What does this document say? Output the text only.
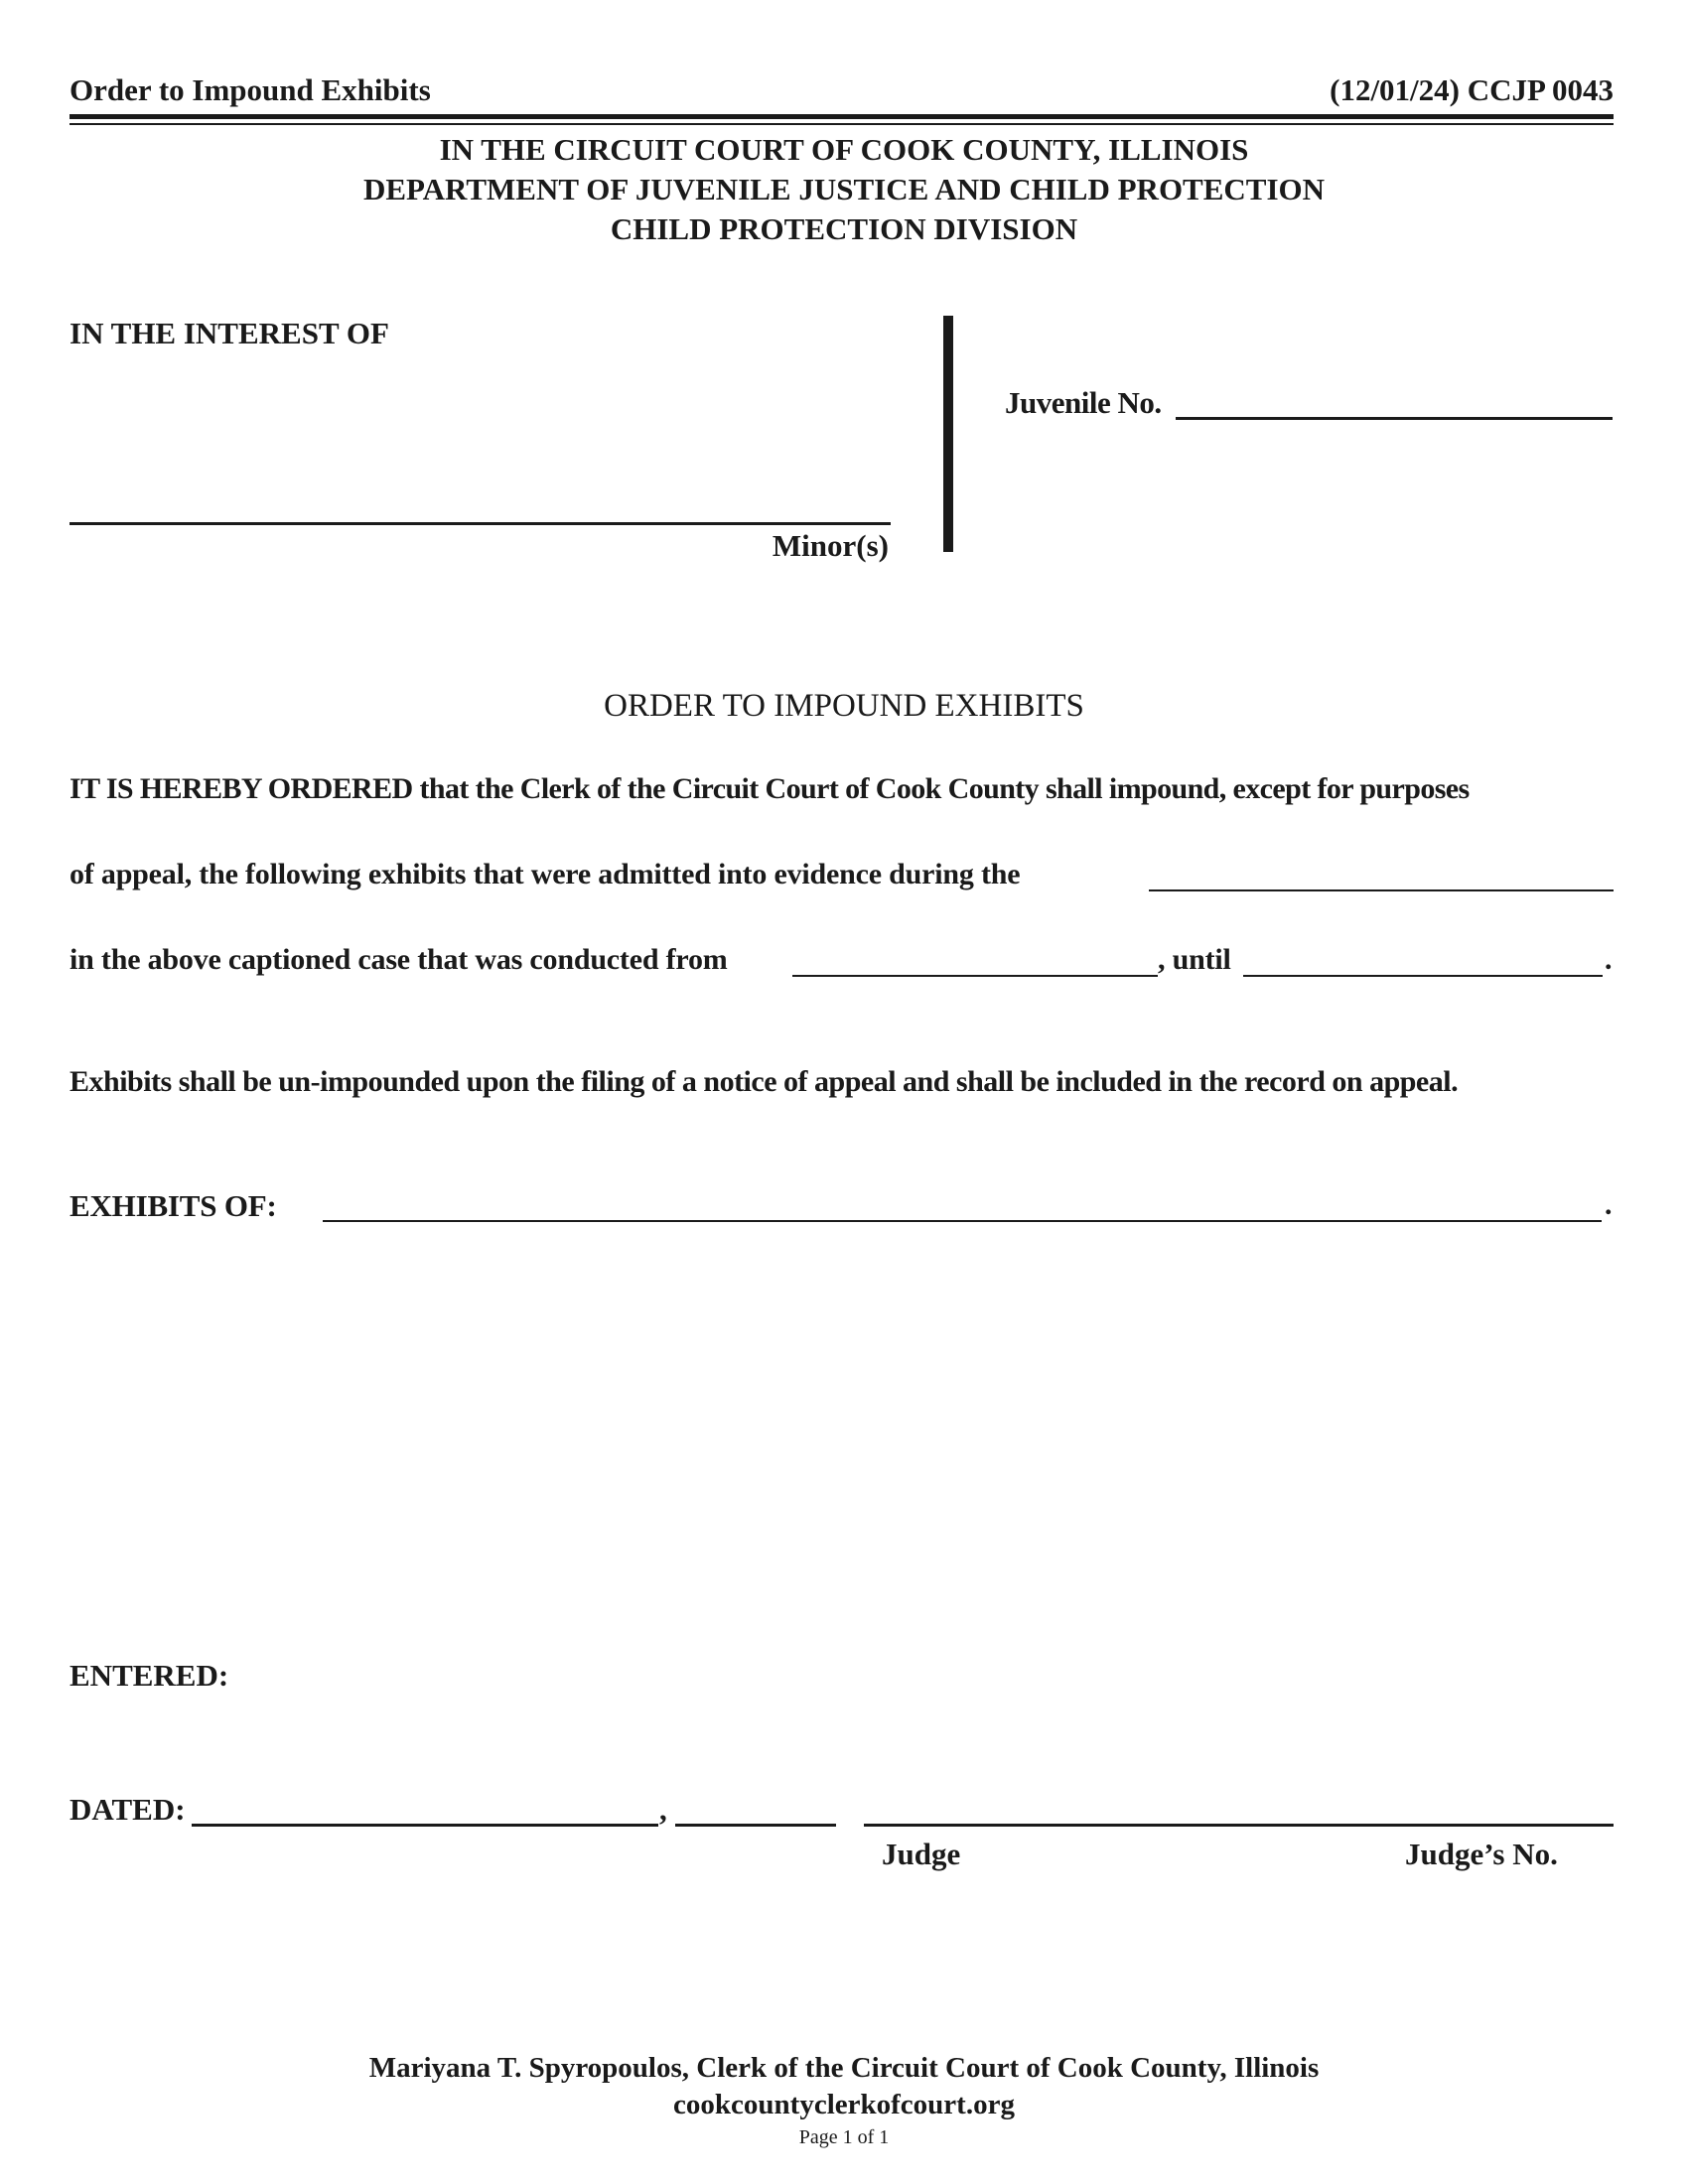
Order to Impound Exhibits	(12/01/24) CCJP 0043
IN THE CIRCUIT COURT OF COOK COUNTY, ILLINOIS
DEPARTMENT OF JUVENILE JUSTICE AND CHILD PROTECTION
CHILD PROTECTION DIVISION
IN THE INTEREST OF
Minor(s)
Juvenile No.
ORDER TO IMPOUND EXHIBITS
IT IS HEREBY ORDERED that the Clerk of the Circuit Court of Cook County shall impound, except for purposes
of appeal, the following exhibits that were admitted into evidence during the
in the above captioned case that was conducted from	, until	.
Exhibits shall be un-impounded upon the filing of a notice of appeal and shall be included in the record on appeal.
EXHIBITS OF:	.
ENTERED:
DATED:	,
Judge	Judge’s No.
Mariyana T. Spyropoulos, Clerk of the Circuit Court of Cook County, Illinois
cookcountyclerkofcourt.org
Page 1 of 1
